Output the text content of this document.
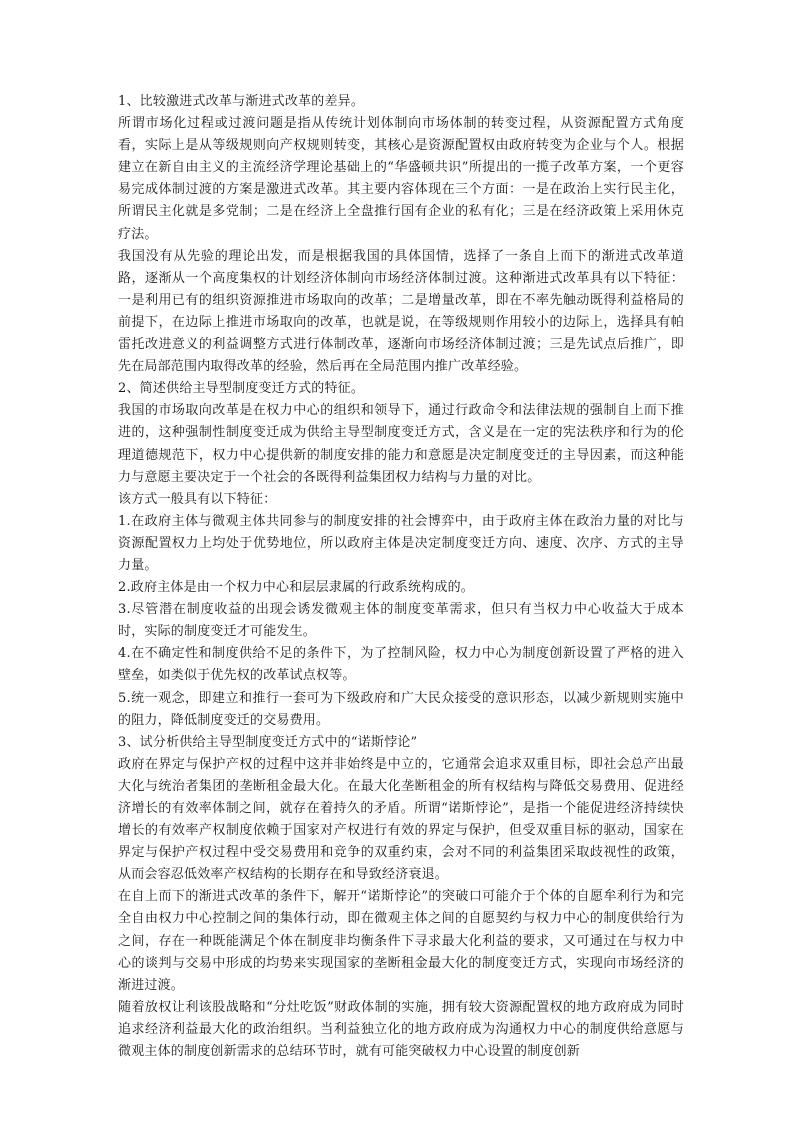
1、比较激进式改革与渐进式改革的差异。

所谓市场化过程或过渡问题是指从传统计划体制向市场体制的转变过程，从资源配置方式角度看，实际上是从等级规则向产权规则转变，其核心是资源配置权由政府转变为企业与个人。根据建立在新自由主义的主流经济学理论基础上的“华盛顿共识”所提出的一揽子改革方案，一个更容易完成体制过渡的方案是激进式改革。其主要内容体现在三个方面：一是在政治上实行民主化，所谓民主化就是多党制；二是在经济上全盘推行国有企业的私有化；三是在经济政策上采用休克疗法。

我国没有从先验的理论出发，而是根据我国的具体国情，选择了一条自上而下的渐进式改革道路，逐渐从一个高度集权的计划经济体制向市场经济体制过渡。这种渐进式改革具有以下特征：一是利用已有的组织资源推进市场取向的改革；二是增量改革，即在不率先触动既得利益格局的前提下，在边际上推进市场取向的改革，也就是说，在等级规则作用较小的边际上，选择具有帕雷托改进意义的利益调整方式进行体制改革，逐渐向市场经济体制过渡；三是先试点后推广，即先在局部范围内取得改革的经验，然后再在全局范围内推广改革经验。

2、简述供给主导型制度变迁方式的特征。

我国的市场取向改革是在权力中心的组织和领导下，通过行政命令和法律法规的强制自上而下推进的，这种强制性制度变迁成为供给主导型制度变迁方式，含义是在一定的宪法秩序和行为的伦理道德规范下，权力中心提供新的制度安排的能力和意愿是决定制度变迁的主导因素，而这种能力与意愿主要决定于一个社会的各既得利益集团权力结构与力量的对比。

该方式一般具有以下特征：

1.在政府主体与微观主体共同参与的制度安排的社会博弈中，由于政府主体在政治力量的对比与资源配置权力上均处于优势地位，所以政府主体是决定制度变迁方向、速度、次序、方式的主导力量。

2.政府主体是由一个权力中心和层层隶属的行政系统构成的。

3.尽管潜在制度收益的出现会诱发微观主体的制度变革需求，但只有当权力中心收益大于成本时，实际的制度变迁才可能发生。

4.在不确定性和制度供给不足的条件下，为了控制风险，权力中心为制度创新设置了严格的进入壁垒，如类似于优先权的改革试点权等。

5.统一观念，即建立和推行一套可为下级政府和广大民众接受的意识形态，以减少新规则实施中的阻力，降低制度变迁的交易费用。

3、试分析供给主导型制度变迁方式中的“诺斯悖论”

政府在界定与保护产权的过程中这并非始终是中立的，它通常会追求双重目标，即社会总产出最大化与统治者集团的垄断租金最大化。在最大化垄断租金的所有权结构与降低交易费用、促进经济增长的有效率体制之间，就存在着持久的矛盾。所谓“诺斯悖论”，是指一个能促进经济持续快增长的有效率产权制度依赖于国家对产权进行有效的界定与保护，但受双重目标的驱动，国家在界定与保护产权过程中受交易费用和竞争的双重约束，会对不同的利益集团采取歧视性的政策，从而会容忍低效率产权结构的长期存在和导致经济衰退。

在自上而下的渐进式改革的条件下，解开“诺斯悖论”的突破口可能介于个体的自愿牟利行为和完全自由权力中心控制之间的集体行动，即在微观主体之间的自愿契约与权力中心的制度供给行为之间，存在一种既能满足个体在制度非均衡条件下寻求最大化利益的要求，又可通过在与权力中心的谈判与交易中形成的均势来实现国家的垄断租金最大化的制度变迁方式，实现向市场经济的渐进过渡。

随着放权让利该股战略和“分灶吃饭”财政体制的实施，拥有较大资源配置权的地方政府成为同时追求经济利益最大化的政治组织。当利益独立化的地方政府成为沟通权力中心的制度供给意愿与微观主体的制度创新需求的总结环节时，就有可能突破权力中心设置的制度创新
